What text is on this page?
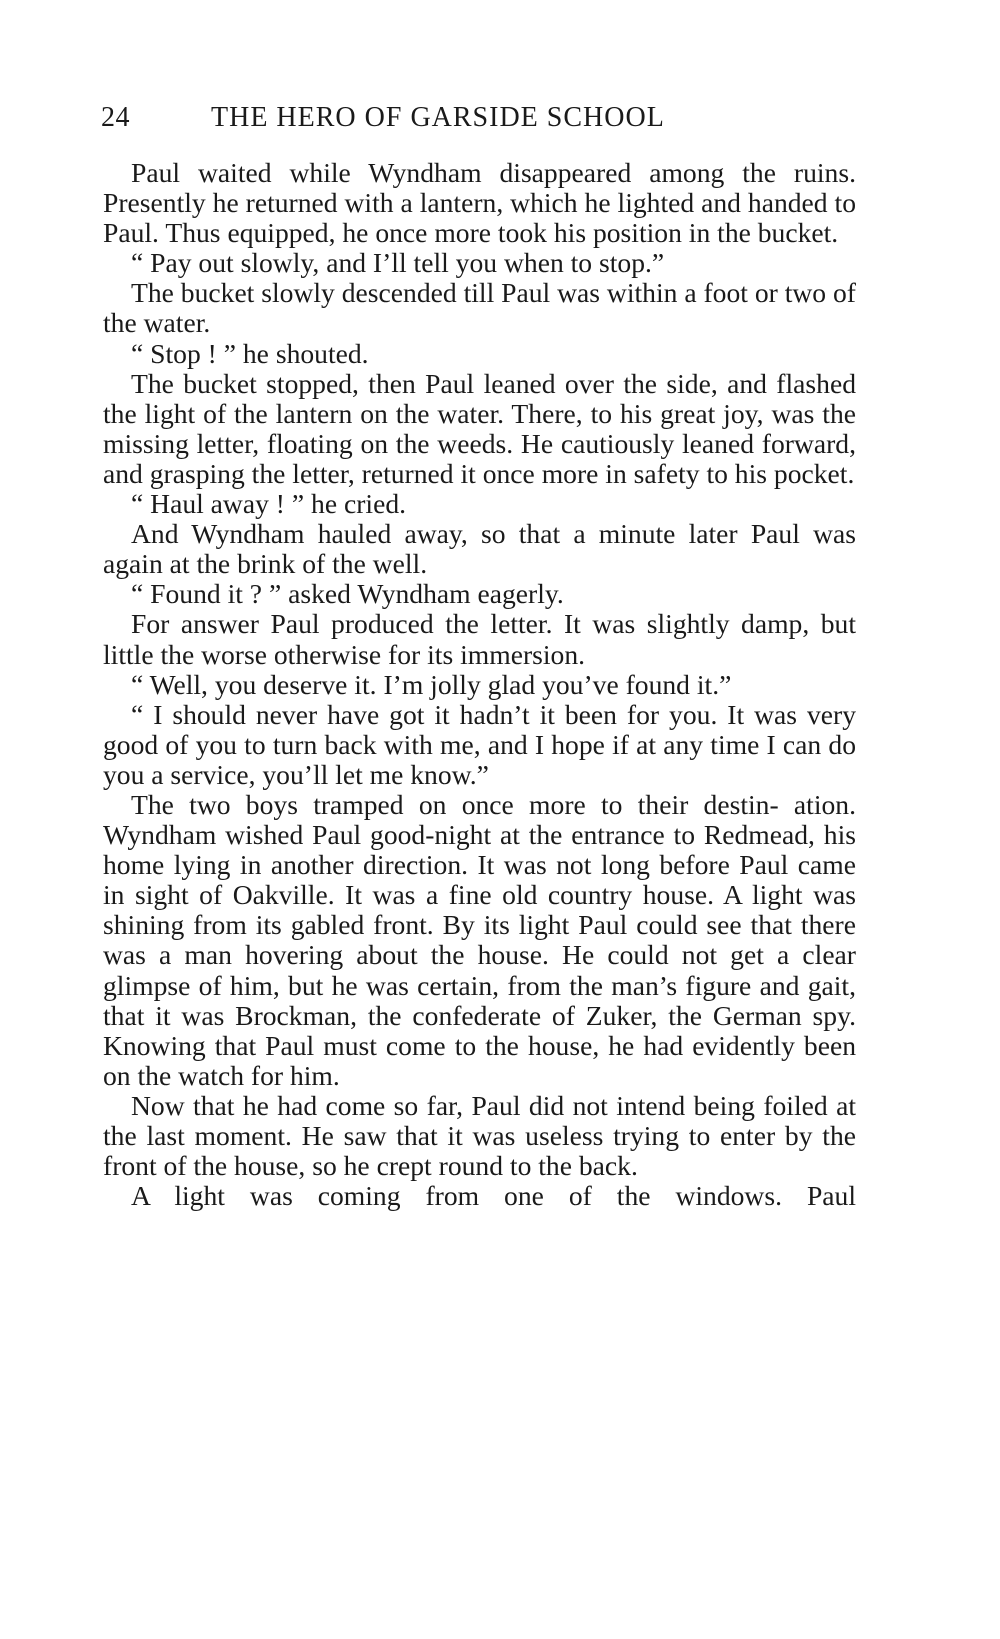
24	THE HERO OF GARSIDE SCHOOL

Paul waited while Wyndham disappeared among the ruins. Presently he returned with a lantern, which he lighted and handed to Paul. Thus equipped, he once more took his position in the bucket.

“ Pay out slowly, and I’ll tell you when to stop.”

The bucket slowly descended till Paul was within a foot or two of the water.

“ Stop ! ” he shouted.

The bucket stopped, then Paul leaned over the side, and flashed the light of the lantern on the water. There, to his great joy, was the missing letter, floating on the weeds. He cautiously leaned forward, and grasping the letter, returned it once more in safety to his pocket.

“ Haul away ! ” he cried.

And Wyndham hauled away, so that a minute later Paul was again at the brink of the well.

“ Found it ? ” asked Wyndham eagerly.

For answer Paul produced the letter. It was slightly damp, but little the worse otherwise for its immersion.

“ Well, you deserve it. I’m jolly glad you’ve found it.”

“ I should never have got it hadn’t it been for you. It was very good of you to turn back with me, and I hope if at any time I can do you a service, you’ll let me know.”

The two boys tramped on once more to their destin- ation. Wyndham wished Paul good-night at the entrance to Redmead, his home lying in another direction. It was not long before Paul came in sight of Oakville. It was a fine old country house. A light was shining from its gabled front. By its light Paul could see that there was a man hovering about the house. He could not get a clear glimpse of him, but he was certain, from the man’s figure and gait, that it was Brockman, the confederate of Zuker, the German spy. Knowing that Paul must come to the house, he had evidently been on the watch for him.

Now that he had come so far, Paul did not intend being foiled at the last moment. He saw that it was useless trying to enter by the front of the house, so he crept round to the back.

A light was coming from one of the windows. Paul
